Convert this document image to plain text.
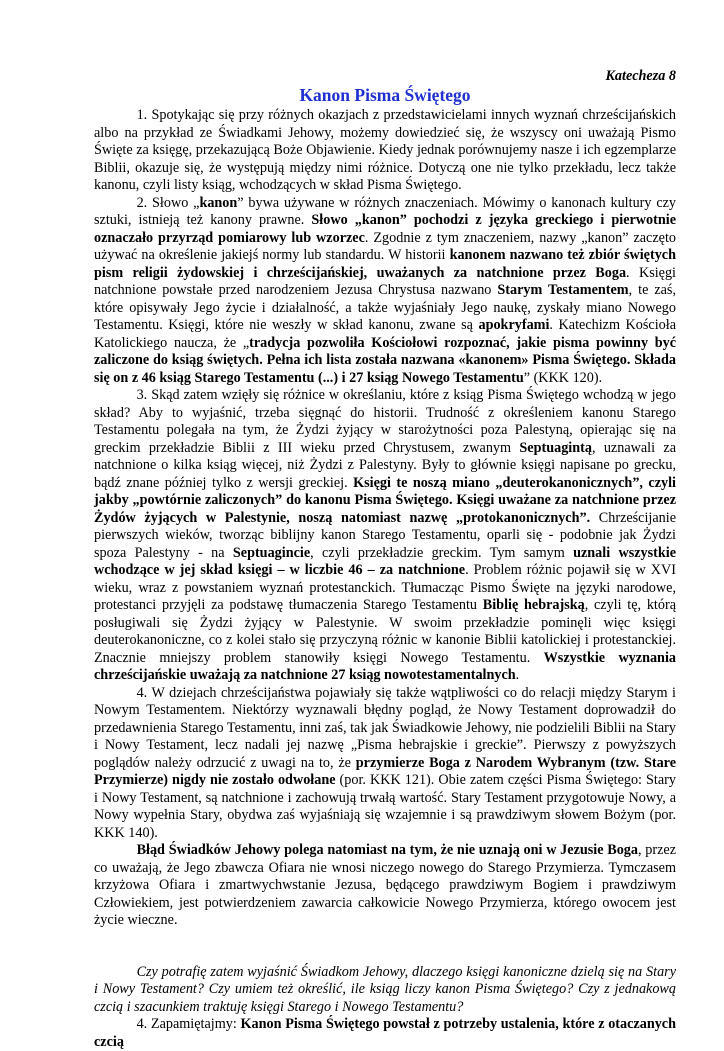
Katecheza 8
Kanon Pisma Świętego

   1. Spotykając się przy różnych okazjach z przedstawicielami innych wyznań chrześcijańskich albo na przykład ze Świadkami Jehowy, możemy dowiedzieć się, że wszyscy oni uważają Pismo Święte za księgę, przekazującą Boże Objawienie. Kiedy jednak porównujemy nasze i ich egzemplarze Biblii, okazuje się, że występują między nimi różnice. Dotyczą one nie tylko przekładu, lecz także kanonu, czyli listy ksiąg, wchodzących w skład Pisma Świętego.

   2. Słowo „kanon” bywa używane w różnych znaczeniach. Mówimy o kanonach kultury czy sztuki, istnieją też kanony prawne. Słowo „kanon” pochodzi z języka greckiego i pierwotnie oznaczało przyrząd pomiarowy lub wzorzec. Zgodnie z tym znaczeniem, nazwy „kanon” zaczęto używać na określenie jakiejś normy lub standardu. W historii kanonem nazwano też zbiór świętych pism religii żydowskiej i chrześcijańskiej, uważanych za natchnione przez Boga. Księgi natchnione powstałe przed narodzeniem Jezusa Chrystusa nazwano Starym Testamentem, te zaś, które opisywały Jego życie i działalność, a także wyjaśniały Jego naukę, zyskały miano Nowego Testamentu. Księgi, które nie weszły w skład kanonu, zwane są apokryfami. Katechizm Kościoła Katolickiego naucza, że „tradycja pozwoliła Kościołowi rozpoznać, jakie pisma powinny być zaliczone do ksiąg świętych. Pełna ich lista została nazwana «kanonem» Pisma Świętego. Składa się on z 46 ksiąg Starego Testamentu (...) i 27 ksiąg Nowego Testamentu” (KKK 120).

   3. Skąd zatem wzięły się różnice w określaniu, które z ksiąg Pisma Świętego wchodzą w jego skład? Aby to wyjaśnić, trzeba sięgnąć do historii. Trudność z określeniem kanonu Starego Testamentu polegała na tym, że Żydzi żyjący w starożytności poza Palestyną, opierając się na greckim przekładzie Biblii z III wieku przed Chrystusem, zwanym Septuagintą, uznawali za natchnione o kilka ksiąg więcej, niż Żydzi z Palestyny. Były to głównie księgi napisane po grecku, bądź znane później tylko z wersji greckiej. Księgi te noszą miano „deuterokanonicznych”, czyli jakby „powtórnie zaliczonych” do kanonu Pisma Świętego. Księgi uważane za natchnione przez Żydów żyjących w Palestynie, noszą natomiast nazwę „protokanonicznych”. Chrześcijanie pierwszych wieków, tworząc biblijny kanon Starego Testamentu, oparli się - podobnie jak Żydzi spoza Palestyny - na Septuagincie, czyli przekładzie greckim. Tym samym uznali wszystkie wchodzące w jej skład księgi – w liczbie 46 – za natchnione. Problem różnic pojawił się w XVI wieku, wraz z powstaniem wyznań protestanckich. Tłumacząc Pismo Święte na języki narodowe, protestanci przyjęli za podstawę tłumaczenia Starego Testamentu Biblię hebrajską, czyli tę, którą posługiwali się Żydzi żyjący w Palestynie. W swoim przekładzie pominęli więc księgi deuterokanoniczne, co z kolei stało się przyczyną różnic w kanonie Biblii katolickiej i protestanckiej. Znacznie mniejszy problem stanowiły księgi Nowego Testamentu. Wszystkie wyznania chrześcijańskie uważają za natchnione 27 ksiąg nowotestamentalnych.

   4. W dziejach chrześcijaństwa pojawiały się także wątpliwości co do relacji między Starym i Nowym Testamentem. Niektórzy wyznawali błędny pogląd, że Nowy Testament doprowadził do przedawnienia Starego Testamentu, inni zaś, tak jak Świadkowie Jehowy, nie podzielili Biblii na Stary i Nowy Testament, lecz nadali jej nazwę „Pisma hebrajskie i greckie”. Pierwszy z powyższych poglądów należy odrzucić z uwagi na to, że przymierze Boga z Narodem Wybranym (tzw. Stare Przymierze) nigdy nie zostało odwołane (por. KKK 121). Obie zatem części Pisma Świętego: Stary i Nowy Testament, są natchnione i zachowują trwałą wartość. Stary Testament przygotowuje Nowy, a Nowy wypełnia Stary, obydwa zaś wyjaśniają się wzajemnie i są prawdziwym słowem Bożym (por. KKK 140).

   Błąd Świadków Jehowy polega natomiast na tym, że nie uznają oni w Jezusie Boga, przez co uważają, że Jego zbawcza Ofiara nie wnosi niczego nowego do Starego Przymierza. Tymczasem krzyżowa Ofiara i zmartwychwstanie Jezusa, będącego prawdziwym Bogiem i prawdziwym Człowiekiem, jest potwierdzeniem zawarcia całkowicie Nowego Przymierza, którego owocem jest życie wieczne.

   Czy potrafię zatem wyjaśnić Świadkom Jehowy, dlaczego księgi kanoniczne dzielą się na Stary i Nowy Testament? Czy umiem też określić, ile ksiąg liczy kanon Pisma Świętego? Czy z jednakową czcią i szacunkiem traktuję księgi Starego i Nowego Testamentu?

   4. Zapamiętajmy: Kanon Pisma Świętego powstał z potrzeby ustalenia, które z otaczanych czcią
